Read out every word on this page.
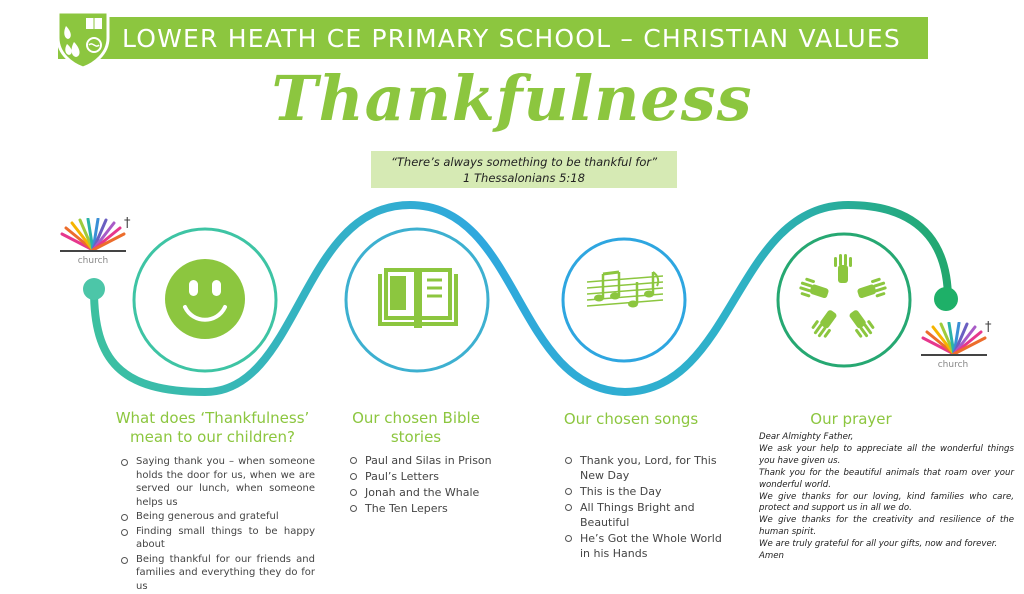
LOWER HEATH CE PRIMARY SCHOOL – CHRISTIAN VALUES
Thankfulness
“There’s always something to be thankful for”
1 Thessalonians 5:18
†
church
†
church
What does ‘Thankfulness’
mean to our children?
Saying thank you – when someone holds the door for us, when we are served our lunch, when someone helps us
Being generous and grateful
Finding small things to be happy about
Being thankful for our friends and families and everything they do for us
Our chosen Bible
stories
Paul and Silas in Prison
Paul’s Letters
Jonah and the Whale
The Ten Lepers
Our chosen songs
Thank you, Lord, for This New Day
This is the Day
All Things Bright and Beautiful
He’s Got the Whole World in his Hands
Our prayer

Dear Almighty Father,

We ask your help to appreciate all the wonderful things you have given us.

Thank you for the beautiful animals that roam over your wonderful world.

We give thanks for our loving, kind families who care, protect and support us in all we do.

We give thanks for the creativity and resilience of the human spirit.

We are truly grateful for all your gifts, now and forever.

Amen
